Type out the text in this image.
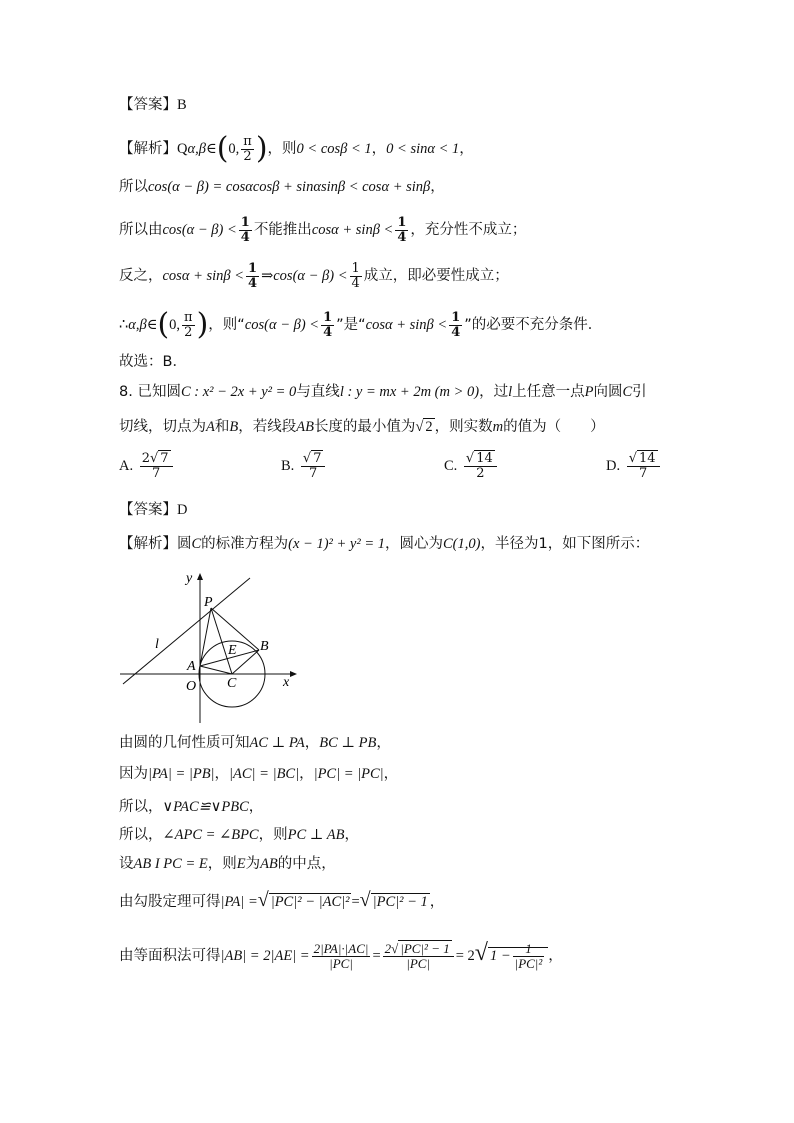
【答案】B
【解析】Qα,β∈(0, $\frac{\pi}{2}$ )，则0 < cosβ < 1，0 < sinα < 1，
所以cos(α − β) = cosαcosβ + sinαsinβ < cosα + sinβ，
所以由$\cos(\alpha - \beta) < \frac{1}{4}$ 不能推出$\cos\alpha + \sin\beta < \frac{1}{4}$ ，充分性不成立；
反之，$\cos\alpha + \sin\beta < \frac{1}{4}$ ⇒cos(α − $\beta) < \frac{1}{4}$ 成立，即必要性成立；
∴α,β∈(0, $\frac{\pi}{2}$ )，则“$\cos(\alpha - \beta) < \frac{1}{4}$ ”是“$\cos\alpha + \sin\beta < \frac{1}{4}$ ”的必要不充分条件．
故选：B．
8. 已知圆C : x² − 2x + y² = 0与直线l : y = mx + 2m (m > 0)，过l上任意一点P向圆C引
切线，切点为A和B，若线段AB长度的最小值为√ 2 ，则实数m的值为（　　）
A. $\frac{2√ 7}{7}$	B. $\frac{√ 7}{7}$	C. $\frac{√ 14}{2}$	D. $\frac{√ 14}{7}$
【答案】D
【解析】圆C的标准方程为(x − 1)² + y² = 1，圆心为C(1,0)，半径为1，如下图所示：
y
x
P
B
E
A
O C
l
由圆的几何性质可知AC ⊥ PA，BC ⊥ PB，
因为|PA| = |PB|，|AC| = |BC|，|PC| = |PC|，
所以，∨PAC≌∨PBC，
所以，∠APC = ∠BPC，则PC ⊥ AB，
设AB I PC = E，则E为AB的中点，
由勾股定理可得|PA| =√ |PC|² − |AC|² =√ |PC|² − 1 ，
由等面积法可得$|AB| = 2|AE| = \frac{2|PA|\cdot|AC|}{|PC|} = \frac{\text{2√ |PC|² − 1}}{|PC|} = 2√$ $1 - \frac{1}{\text{|PC|²}}$ ，
